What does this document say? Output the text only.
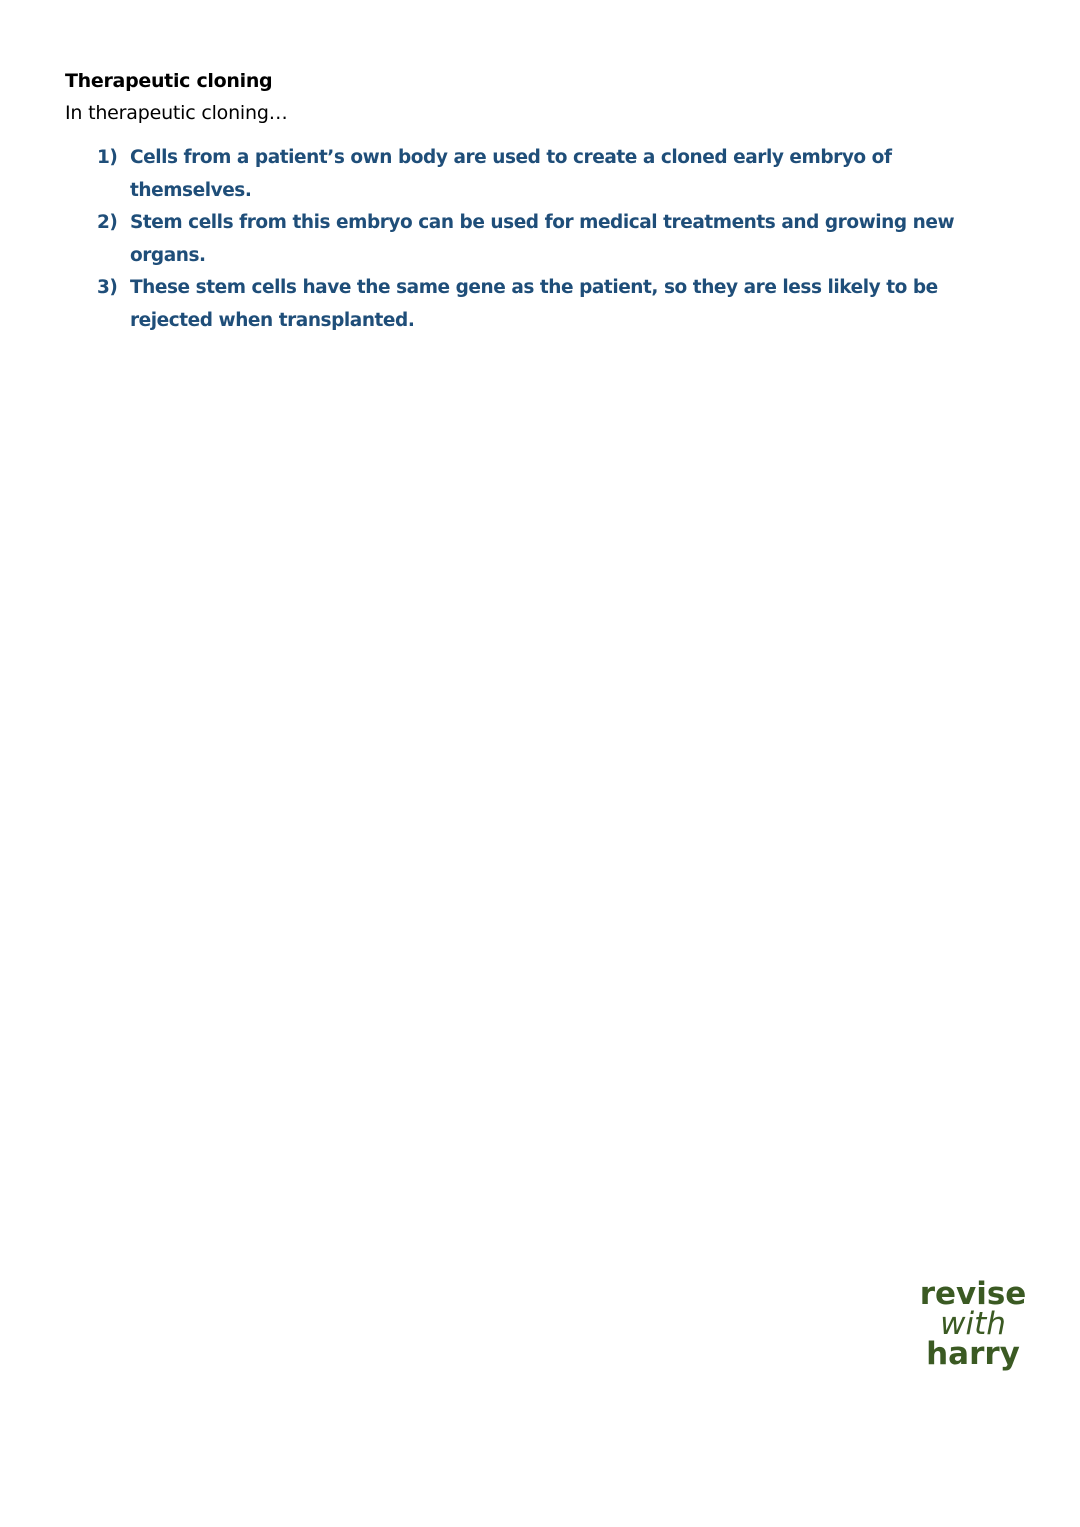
Therapeutic cloning
In therapeutic cloning…
1) Cells from a patient’s own body are used to create a cloned early embryo of themselves.
2) Stem cells from this embryo can be used for medical treatments and growing new organs.
3) These stem cells have the same gene as the patient, so they are less likely to be rejected when transplanted.
revise
with
harry
